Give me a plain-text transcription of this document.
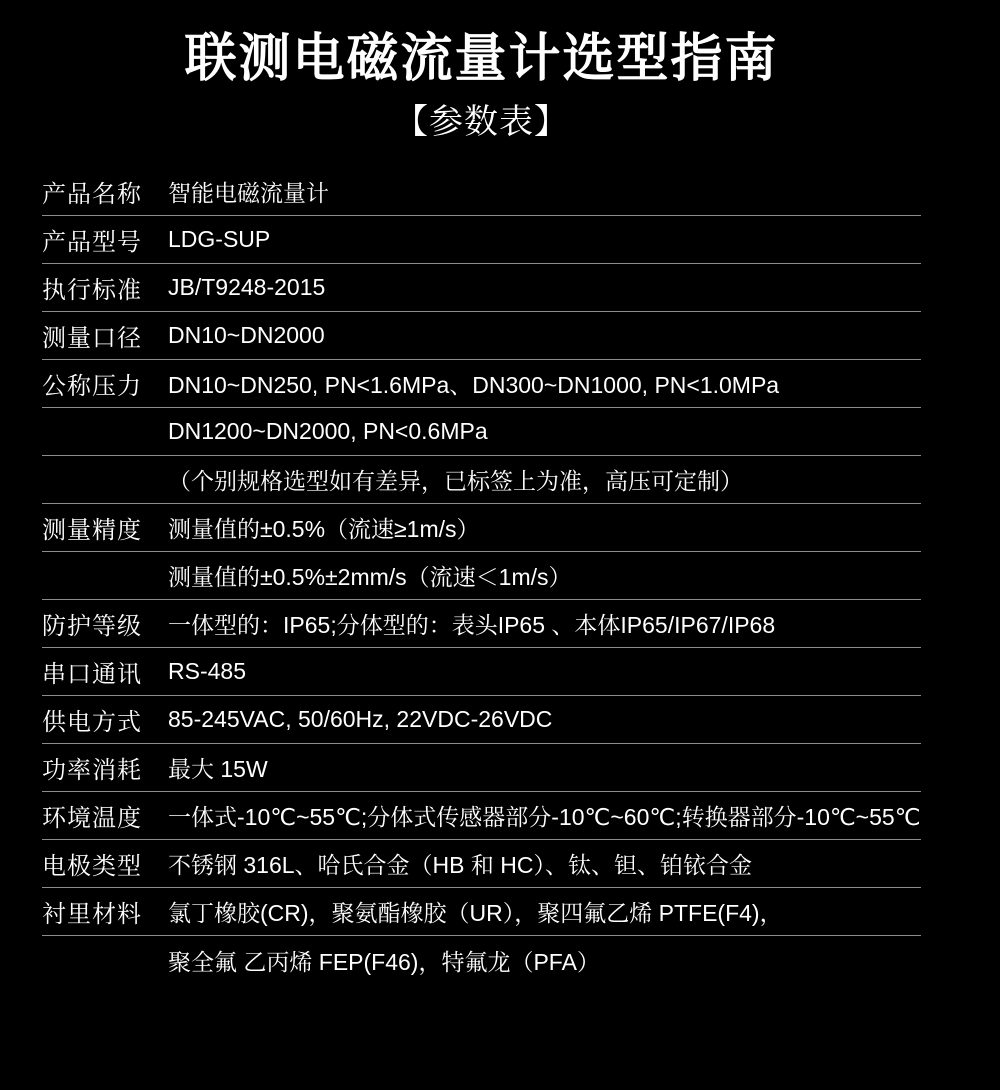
联测电磁流量计选型指南
【参数表】
产品名称	智能电磁流量计
产品型号	LDG-SUP
执行标准	JB/T9248-2015
测量口径	DN10~DN2000
公称压力	DN10~DN250, PN<1.6MPa、DN300~DN1000, PN<1.0MPa
DN1200~DN2000, PN<0.6MPa
（个别规格选型如有差异，已标签上为准，高压可定制）
测量精度	测量值的±0.5%（流速≥1m/s）
测量值的±0.5%±2mm/s（流速＜1m/s）
防护等级	一体型的：IP65;分体型的：表头IP65 、本体IP65/IP67/IP68
串口通讯	RS-485
供电方式	85-245VAC, 50/60Hz, 22VDC-26VDC
功率消耗	最大 15W
环境温度	一体式-10℃~55℃;分体式传感器部分-10℃~60℃;转换器部分-10℃~55℃
电极类型	不锈钢 316L、哈氏合金（HB 和 HC）、钛、钽、铂铱合金
衬里材料	氯丁橡胶(CR)，聚氨酯橡胶（UR），聚四氟乙烯 PTFE(F4)，
聚全氟 乙丙烯 FEP(F46)，特氟龙（PFA）
